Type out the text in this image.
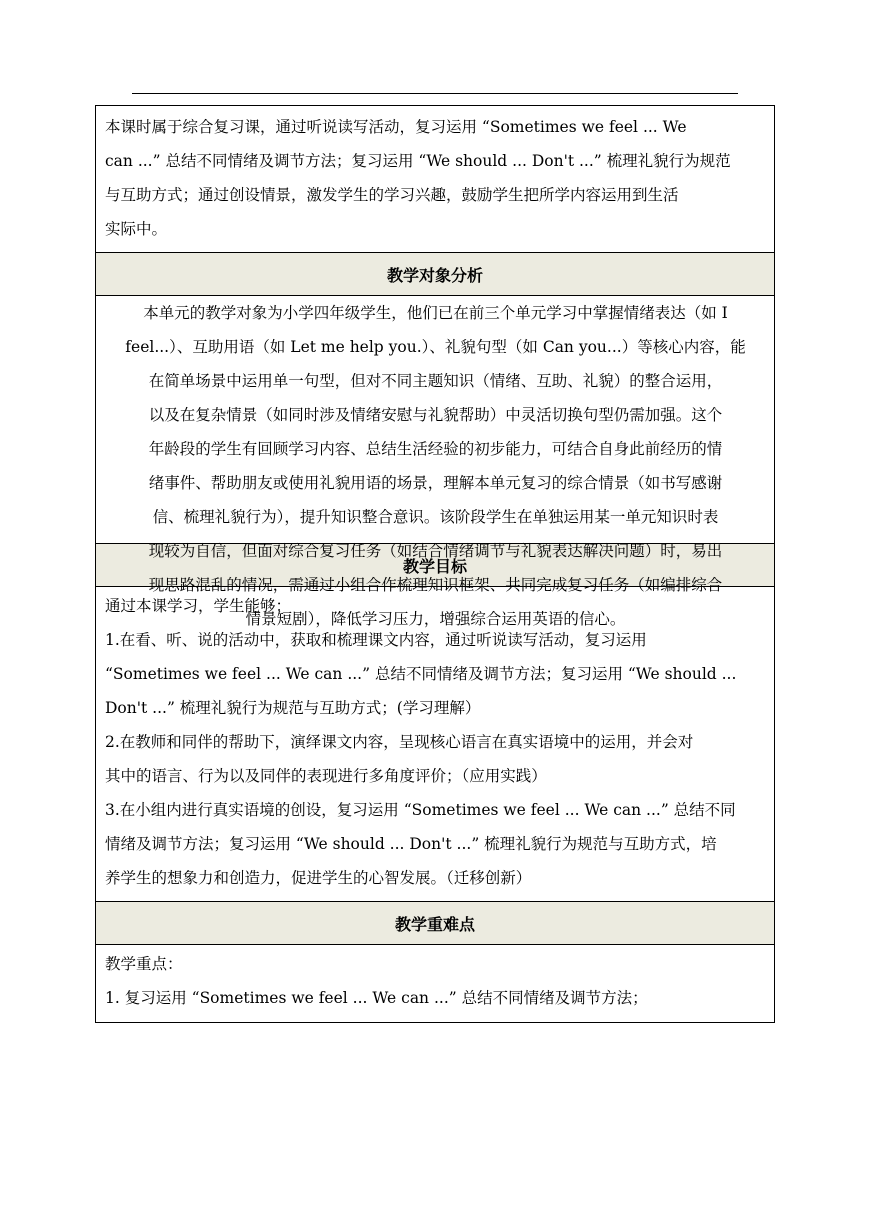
本课时属于综合复习课，通过听说读写活动，复习运用 “Sometimes we feel ... We

can ...” 总结不同情绪及调节方法；复习运用 “We should ... Don't ...” 梳理礼貌行为规范

与互助方式；通过创设情景，激发学生的学习兴趣，鼓励学生把所学内容运用到生活

实际中。

教学对象分析

本单元的教学对象为小学四年级学生，他们已在前三个单元学习中掌握情绪表达（如 I

feel...）、互助用语（如 Let me help you.）、礼貌句型（如 Can you...）等核心内容，能

在简单场景中运用单一句型，但对不同主题知识（情绪、互助、礼貌）的整合运用，

以及在复杂情景（如同时涉及情绪安慰与礼貌帮助）中灵活切换句型仍需加强。这个

年龄段的学生有回顾学习内容、总结生活经验的初步能力，可结合自身此前经历的情

绪事件、帮助朋友或使用礼貌用语的场景，理解本单元复习的综合情景（如书写感谢

信、梳理礼貌行为），提升知识整合意识。该阶段学生在单独运用某一单元知识时表

现较为自信，但面对综合复习任务（如结合情绪调节与礼貌表达解决问题）时，易出

现思路混乱的情况，需通过小组合作梳理知识框架、共同完成复习任务（如编排综合

情景短剧），降低学习压力，增强综合运用英语的信心。

教学目标

通过本课学习，学生能够：

1.在看、听、说的活动中，获取和梳理课文内容，通过听说读写活动，复习运用

“Sometimes we feel ... We can ...” 总结不同情绪及调节方法；复习运用 “We should ...

Don't ...” 梳理礼貌行为规范与互助方式；(学习理解）

2.在教师和同伴的帮助下，演绎课文内容，呈现核心语言在真实语境中的运用，并会对

其中的语言、行为以及同伴的表现进行多角度评价；（应用实践）

3.在小组内进行真实语境的创设，复习运用 “Sometimes we feel ... We can ...” 总结不同

情绪及调节方法；复习运用 “We should ... Don't ...” 梳理礼貌行为规范与互助方式，培

养学生的想象力和创造力，促进学生的心智发展。（迁移创新）

教学重难点

教学重点：

1. 复习运用 “Sometimes we feel ... We can ...” 总结不同情绪及调节方法；
